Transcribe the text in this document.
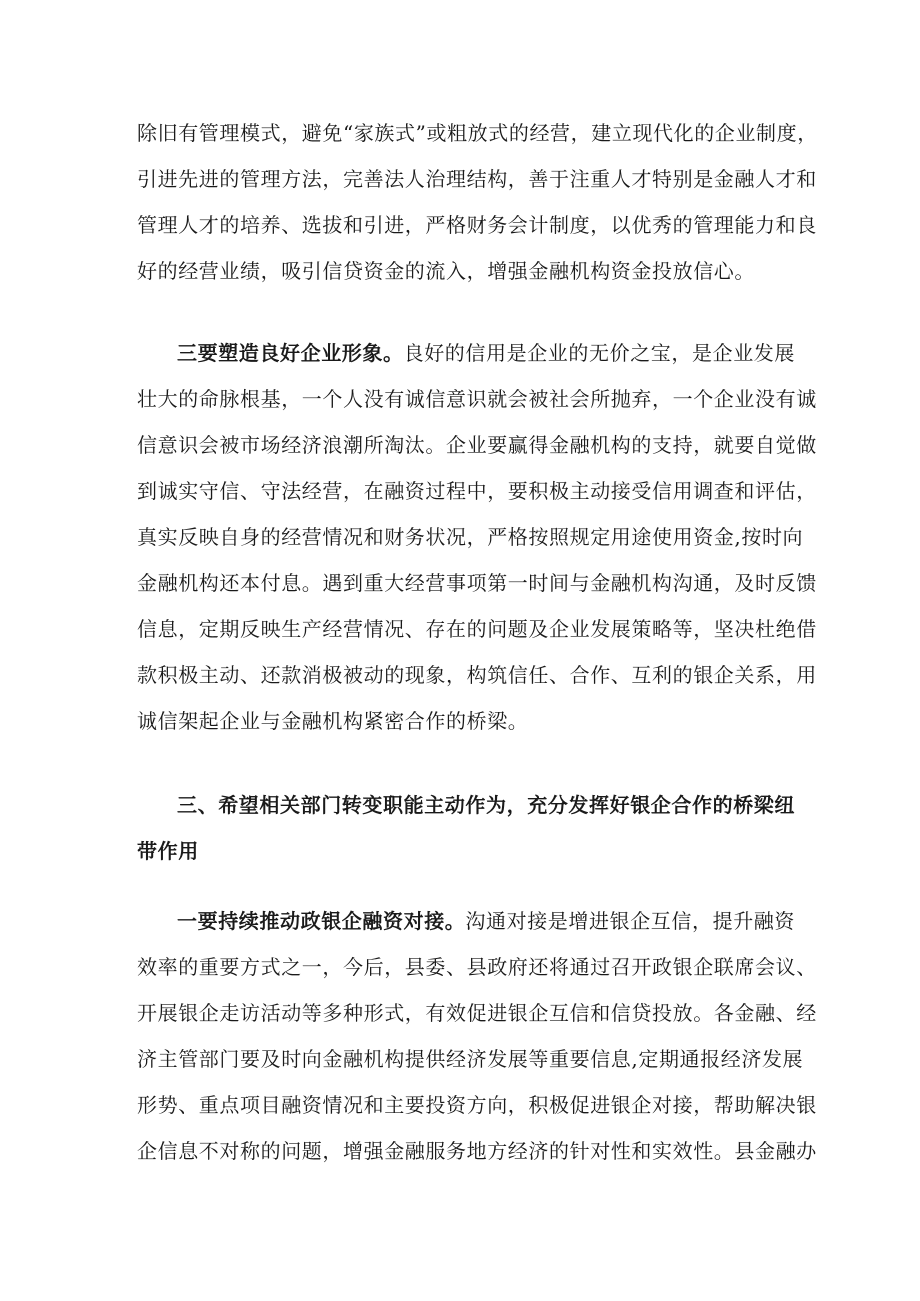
除旧有管理模式，避免“家族式”或粗放式的经营，建立现代化的企业制度，
引进先进的管理方法，完善法人治理结构，善于注重人才特别是金融人才和
管理人才的培养、选拔和引进，严格财务会计制度，以优秀的管理能力和良
好的经营业绩，吸引信贷资金的流入，增强金融机构资金投放信心。
三要塑造良好企业形象。良好的信用是企业的无价之宝，是企业发展
壮大的命脉根基，一个人没有诚信意识就会被社会所抛弃，一个企业没有诚
信意识会被市场经济浪潮所淘汰。企业要赢得金融机构的支持，就要自觉做
到诚实守信、守法经营，在融资过程中，要积极主动接受信用调查和评估，
真实反映自身的经营情况和财务状况，严格按照规定用途使用资金,按时向
金融机构还本付息。遇到重大经营事项第一时间与金融机构沟通，及时反馈
信息，定期反映生产经营情况、存在的问题及企业发展策略等，坚决杜绝借
款积极主动、还款消极被动的现象，构筑信任、合作、互利的银企关系，用
诚信架起企业与金融机构紧密合作的桥梁。
三、希望相关部门转变职能主动作为，充分发挥好银企合作的桥梁纽
带作用
一要持续推动政银企融资对接。沟通对接是增进银企互信，提升融资
效率的重要方式之一，今后，县委、县政府还将通过召开政银企联席会议、
开展银企走访活动等多种形式，有效促进银企互信和信贷投放。各金融、经
济主管部门要及时向金融机构提供经济发展等重要信息,定期通报经济发展
形势、重点项目融资情况和主要投资方向，积极促进银企对接，帮助解决银
企信息不对称的问题，增强金融服务地方经济的针对性和实效性。县金融办
